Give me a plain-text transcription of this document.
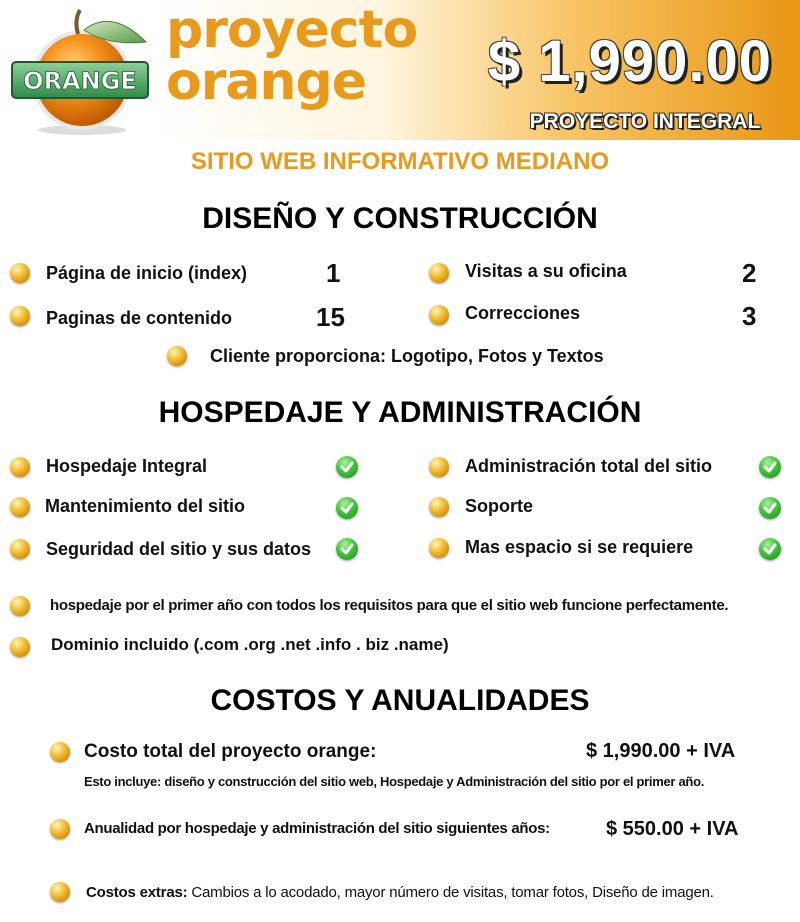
ORANGE
proyecto
orange	$ 1,990.00
PROYECTO INTEGRAL
SITIO WEB INFORMATIVO MEDIANO
DISEÑO Y CONSTRUCCIÓN
Página de inicio (index)	1
Paginas de contenido	15
Visitas a su oficina	2
Correcciones	3
Cliente proporciona: Logotipo, Fotos y Textos
HOSPEDAJE Y ADMINISTRACIÓN
Hospedaje Integral
Mantenimiento del sitio
Seguridad del sitio y sus datos
Administración total del sitio
Soporte
Mas espacio si se requiere
hospedaje por el primer año con todos los requisitos para que el sitio web funcione perfectamente.
Dominio incluido (.com .org .net .info . biz .name)
COSTOS Y ANUALIDADES
Costo total del proyecto orange:	$ 1,990.00 + IVA
Esto incluye: diseño y construcción del sitio web, Hospedaje y Administración del sitio por el primer año.
Anualidad por hospedaje y administración del sitio siguientes años:	$ 550.00 + IVA
Costos extras: Cambios a lo acodado, mayor número de visitas, tomar fotos, Diseño de imagen.
